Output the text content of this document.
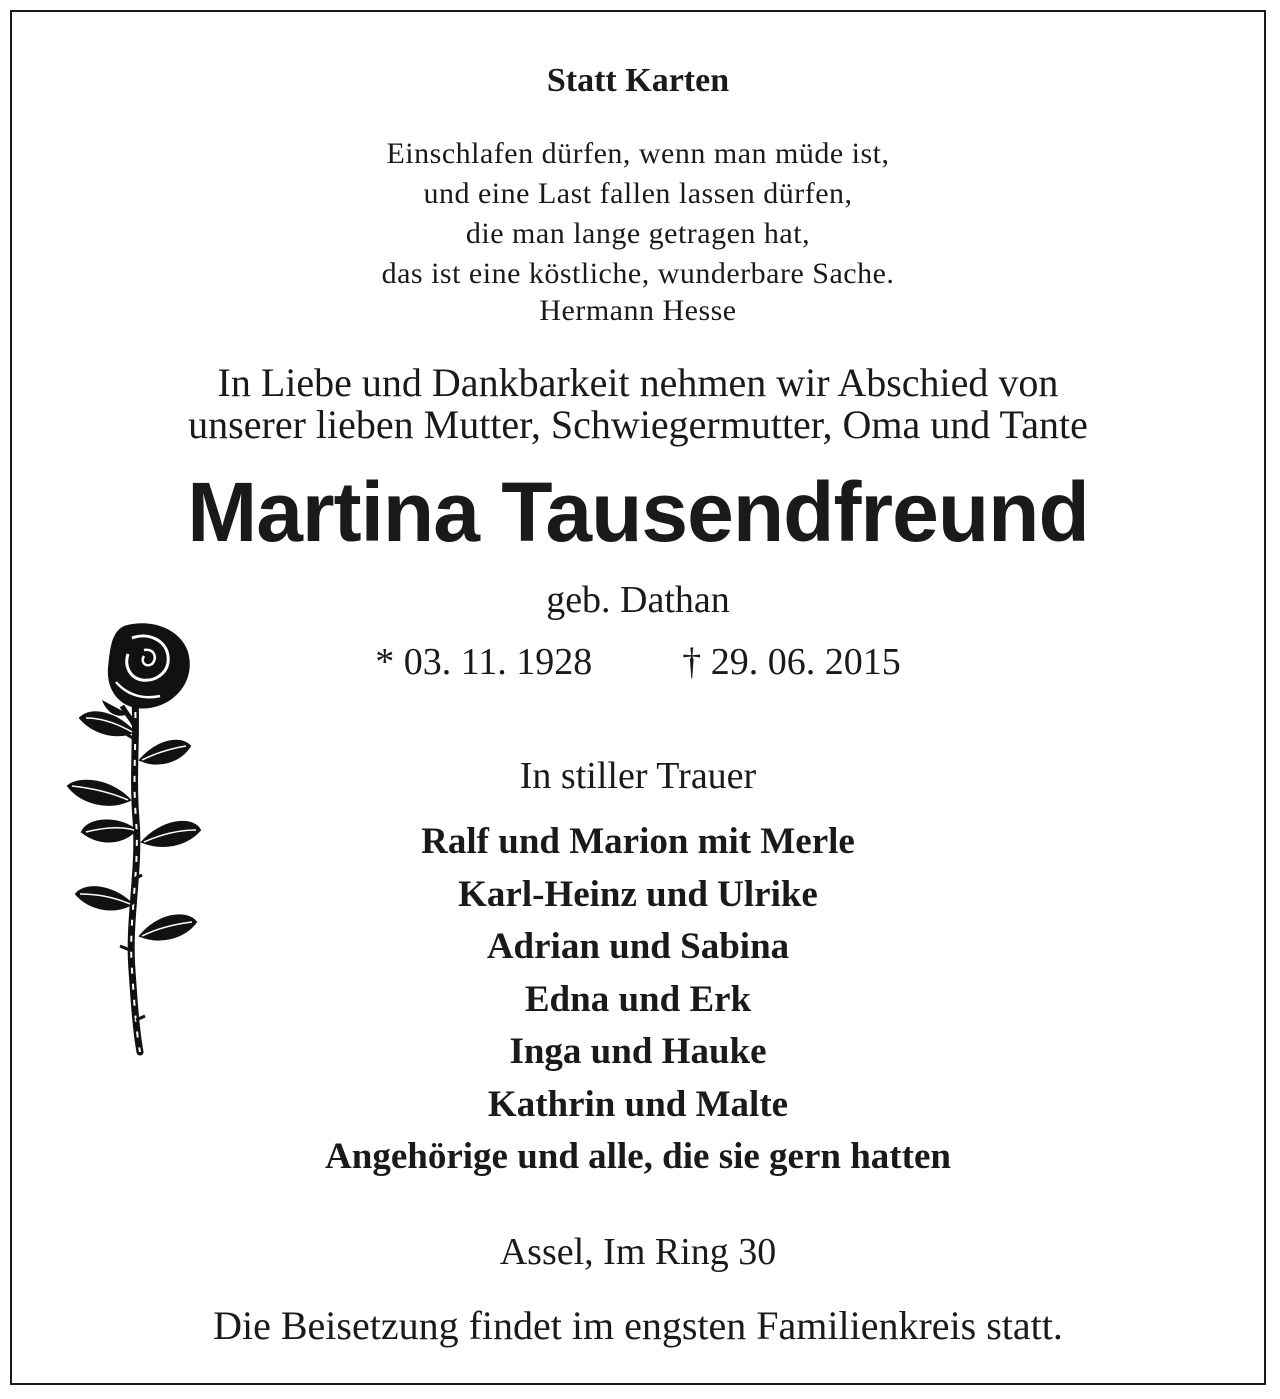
Statt Karten
Einschlafen dürfen, wenn man müde ist,
und eine Last fallen lassen dürfen,
die man lange getragen hat,
das ist eine köstliche, wunderbare Sache.
Hermann Hesse
In Liebe und Dankbarkeit nehmen wir Abschied von
unserer lieben Mutter, Schwiegermutter, Oma und Tante
Martina Tausendfreund
geb. Dathan
* 03. 11. 1928 † 29. 06. 2015
In stiller Trauer
Ralf und Marion mit Merle
Karl-Heinz und Ulrike
Adrian und Sabina
Edna und Erk
Inga und Hauke
Kathrin und Malte
Angehörige und alle, die sie gern hatten
Assel, Im Ring 30
Die Beisetzung findet im engsten Familienkreis statt.
